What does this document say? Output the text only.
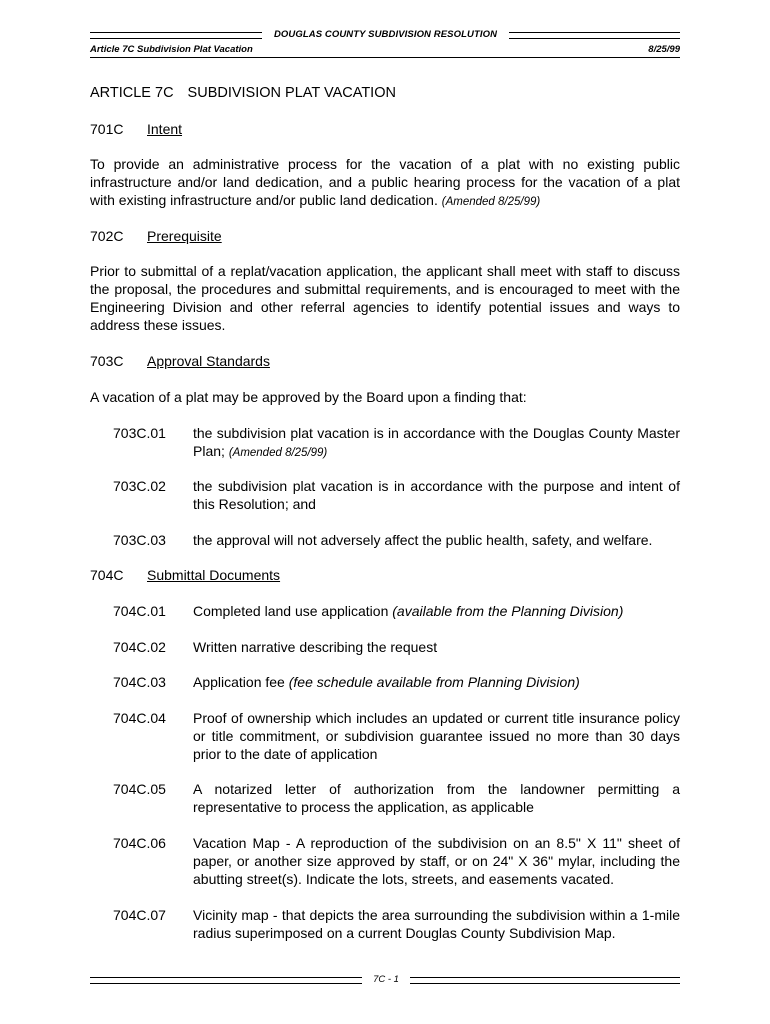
DOUGLAS COUNTY SUBDIVISION RESOLUTION
Article 7C Subdivision Plat Vacation	8/25/99
ARTICLE 7C SUBDIVISION PLAT VACATION
701C Intent
To provide an administrative process for the vacation of a plat with no existing public infrastructure and/or land dedication, and a public hearing process for the vacation of a plat with existing infrastructure and/or public land dedication. (Amended 8/25/99)
702C Prerequisite
Prior to submittal of a replat/vacation application, the applicant shall meet with staff to discuss the proposal, the procedures and submittal requirements, and is encouraged to meet with the Engineering Division and other referral agencies to identify potential issues and ways to address these issues.
703C Approval Standards
A vacation of a plat may be approved by the Board upon a finding that:
703C.01 the subdivision plat vacation is in accordance with the Douglas County Master Plan; (Amended 8/25/99)
703C.02 the subdivision plat vacation is in accordance with the purpose and intent of this Resolution; and
703C.03 the approval will not adversely affect the public health, safety, and welfare.
704C Submittal Documents
704C.01 Completed land use application (available from the Planning Division)
704C.02 Written narrative describing the request
704C.03 Application fee (fee schedule available from Planning Division)
704C.04 Proof of ownership which includes an updated or current title insurance policy or title commitment, or subdivision guarantee issued no more than 30 days prior to the date of application
704C.05 A notarized letter of authorization from the landowner permitting a representative to process the application, as applicable
704C.06 Vacation Map - A reproduction of the subdivision on an 8.5" X 11" sheet of paper, or another size approved by staff, or on 24" X 36" mylar, including the abutting street(s). Indicate the lots, streets, and easements vacated.
704C.07 Vicinity map - that depicts the area surrounding the subdivision within a 1-mile radius superimposed on a current Douglas County Subdivision Map.
7C - 1
